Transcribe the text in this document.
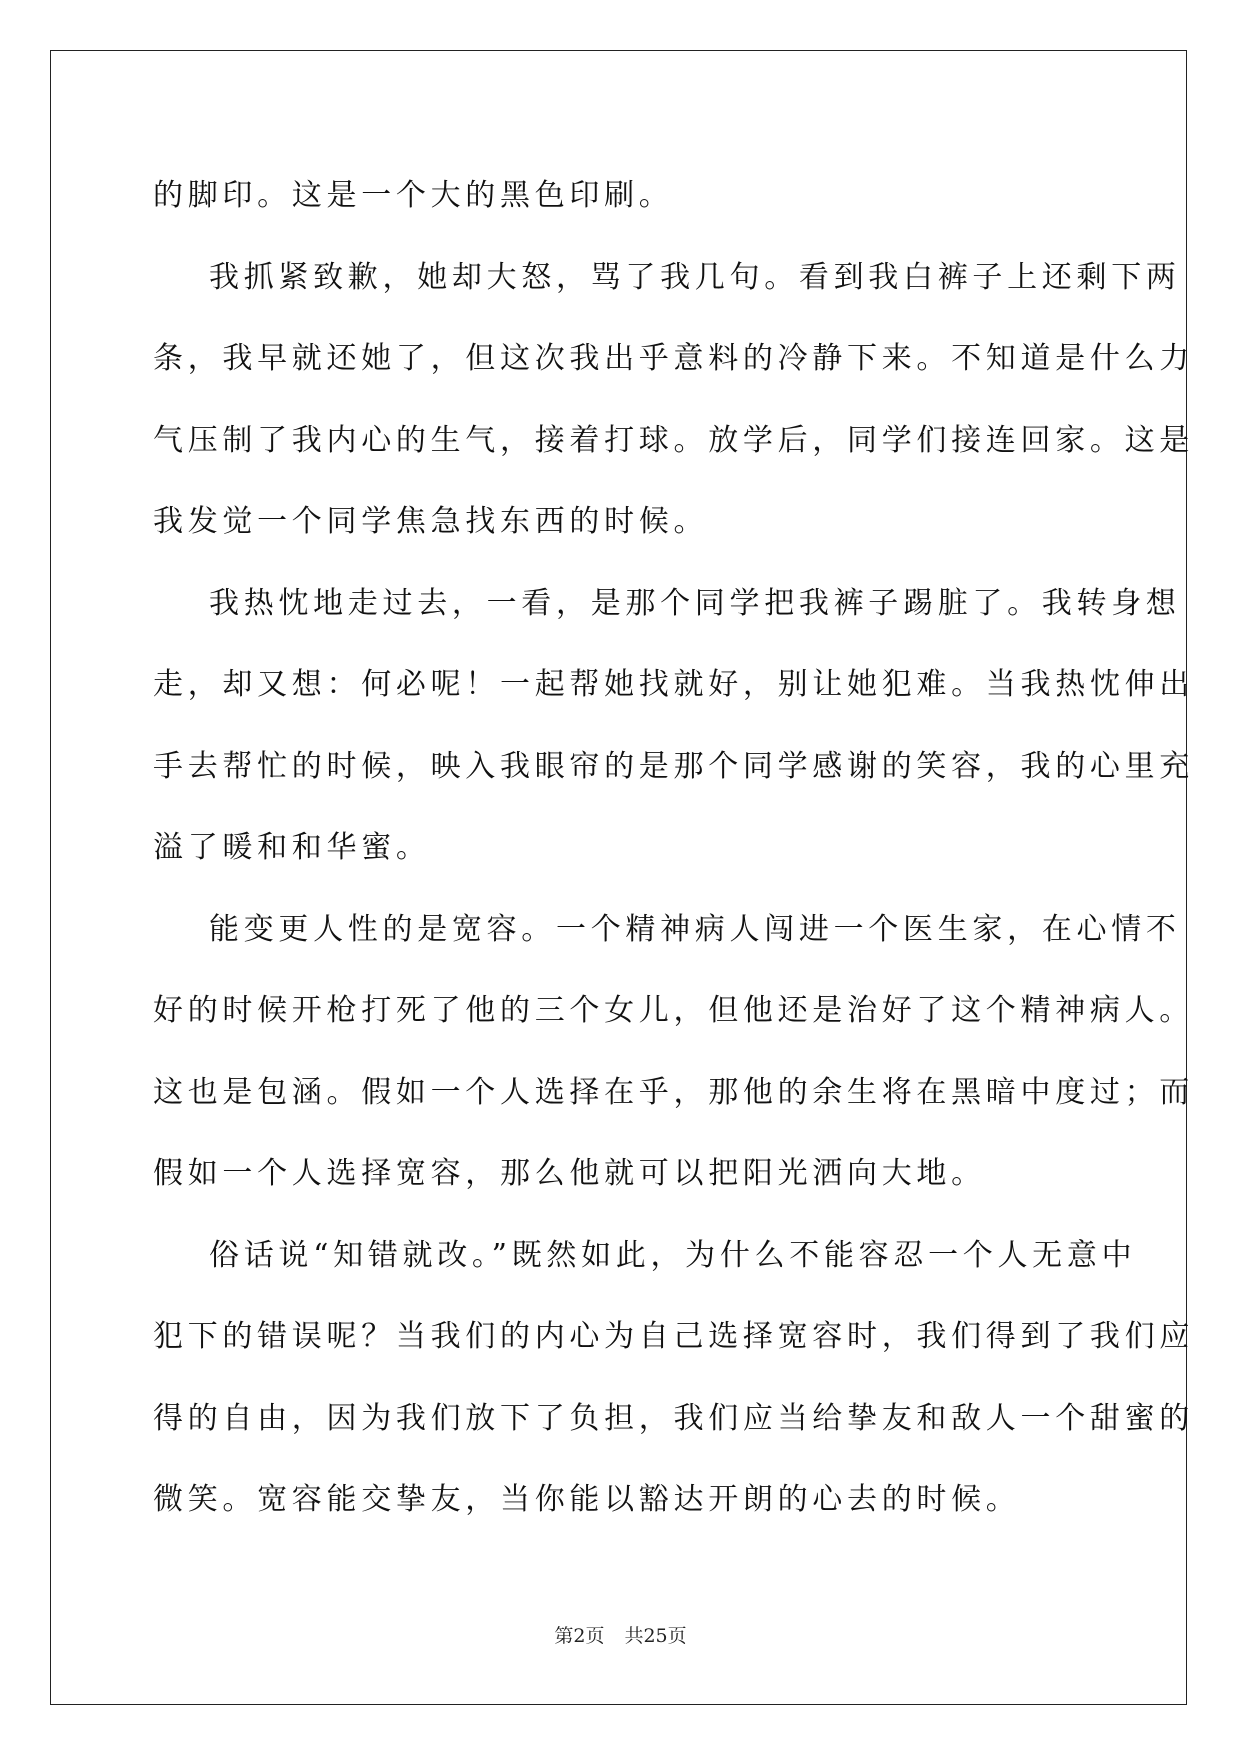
的脚印。这是一个大的黑色印刷。
我抓紧致歉，她却大怒，骂了我几句。看到我白裤子上还剩下两
条，我早就还她了，但这次我出乎意料的冷静下来。不知道是什么力
气压制了我内心的生气，接着打球。放学后，同学们接连回家。这是
我发觉一个同学焦急找东西的时候。
我热忱地走过去，一看，是那个同学把我裤子踢脏了。我转身想
走，却又想：何必呢！一起帮她找就好，别让她犯难。当我热忱伸出
手去帮忙的时候，映入我眼帘的是那个同学感谢的笑容，我的心里充
溢了暖和和华蜜。
能变更人性的是宽容。一个精神病人闯进一个医生家，在心情不
好的时候开枪打死了他的三个女儿，但他还是治好了这个精神病人。
这也是包涵。假如一个人选择在乎，那他的余生将在黑暗中度过；而
假如一个人选择宽容，那么他就可以把阳光洒向大地。
俗话说“知错就改。”既然如此，为什么不能容忍一个人无意中
犯下的错误呢？当我们的内心为自己选择宽容时，我们得到了我们应
得的自由，因为我们放下了负担，我们应当给挚友和敌人一个甜蜜的
微笑。宽容能交挚友，当你能以豁达开朗的心去的时候。
第2页 共25页
